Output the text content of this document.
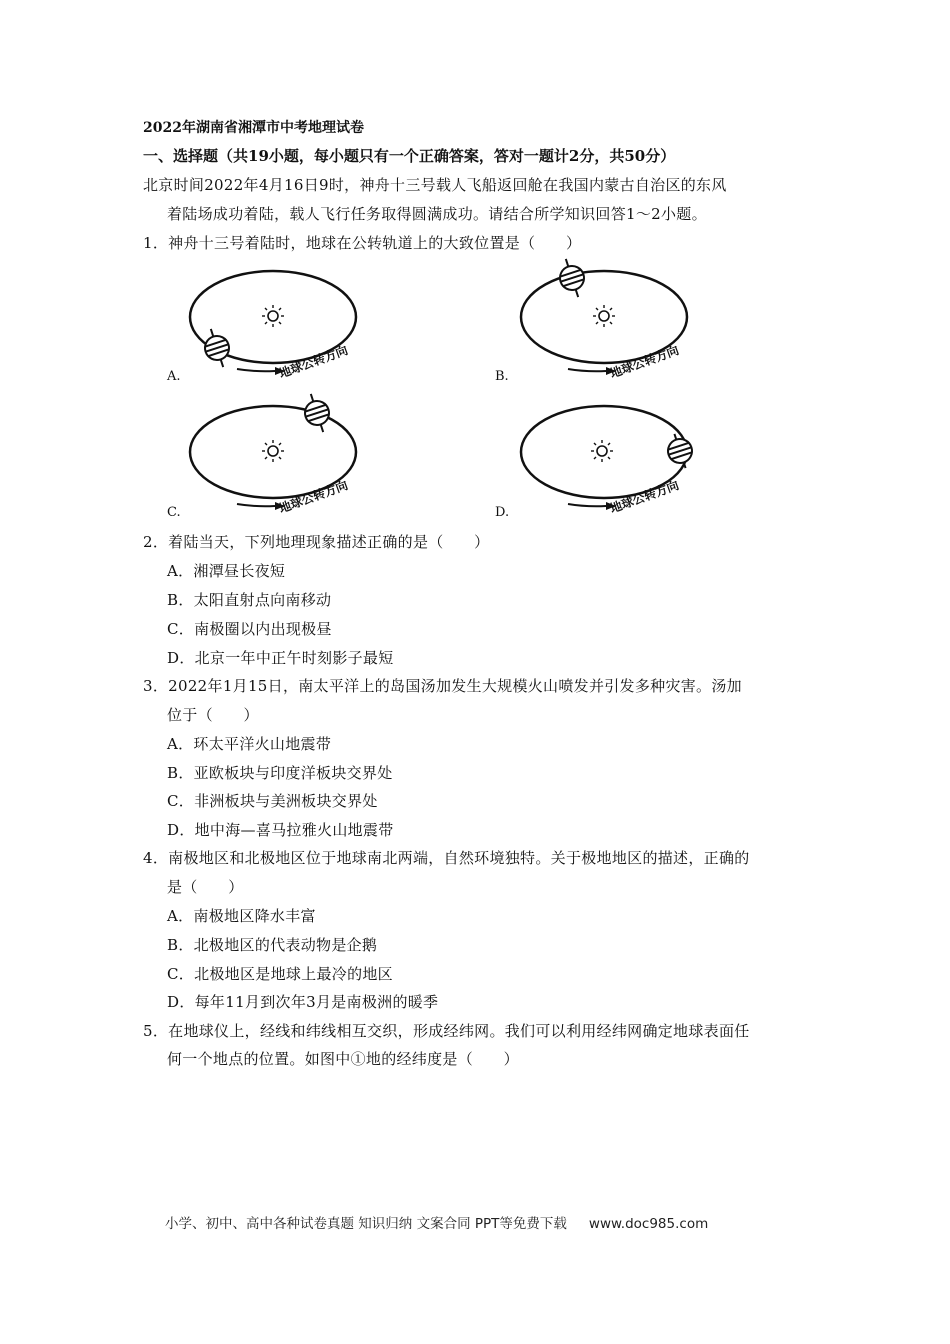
2022年湖南省湘潭市中考地理试卷
一、选择题（共19小题，每小题只有一个正确答案，答对一题计2分，共50分）
北京时间2022年4月16日9时，神舟十三号载人飞船返回舱在我国内蒙古自治区的东风
着陆场成功着陆，载人飞行任务取得圆满成功。请结合所学知识回答1～2小题。
1．神舟十三号着陆时，地球在公转轨道上的大致位置是（　　）
地球公转方向
A.	地球公转方向
B.
地球公转方向
C.	地球公转方向
D.
2．着陆当天，下列地理现象描述正确的是（　　）
A．湘潭昼长夜短
B．太阳直射点向南移动
C．南极圈以内出现极昼
D．北京一年中正午时刻影子最短
3．2022年1月15日，南太平洋上的岛国汤加发生大规模火山喷发并引发多种灾害。汤加
位于（　　）
A．环太平洋火山地震带
B．亚欧板块与印度洋板块交界处
C．非洲板块与美洲板块交界处
D．地中海—喜马拉雅火山地震带
4．南极地区和北极地区位于地球南北两端，自然环境独特。关于极地地区的描述，正确的
是（　　）
A．南极地区降水丰富
B．北极地区的代表动物是企鹅
C．北极地区是地球上最冷的地区
D．每年11月到次年3月是南极洲的暖季
5．在地球仪上，经线和纬线相互交织，形成经纬网。我们可以利用经纬网确定地球表面任
何一个地点的位置。如图中①地的经纬度是（　　）
小学、初中、高中各种试卷真题 知识归纳 文案合同 PPT等免费下载 www.doc985.com
